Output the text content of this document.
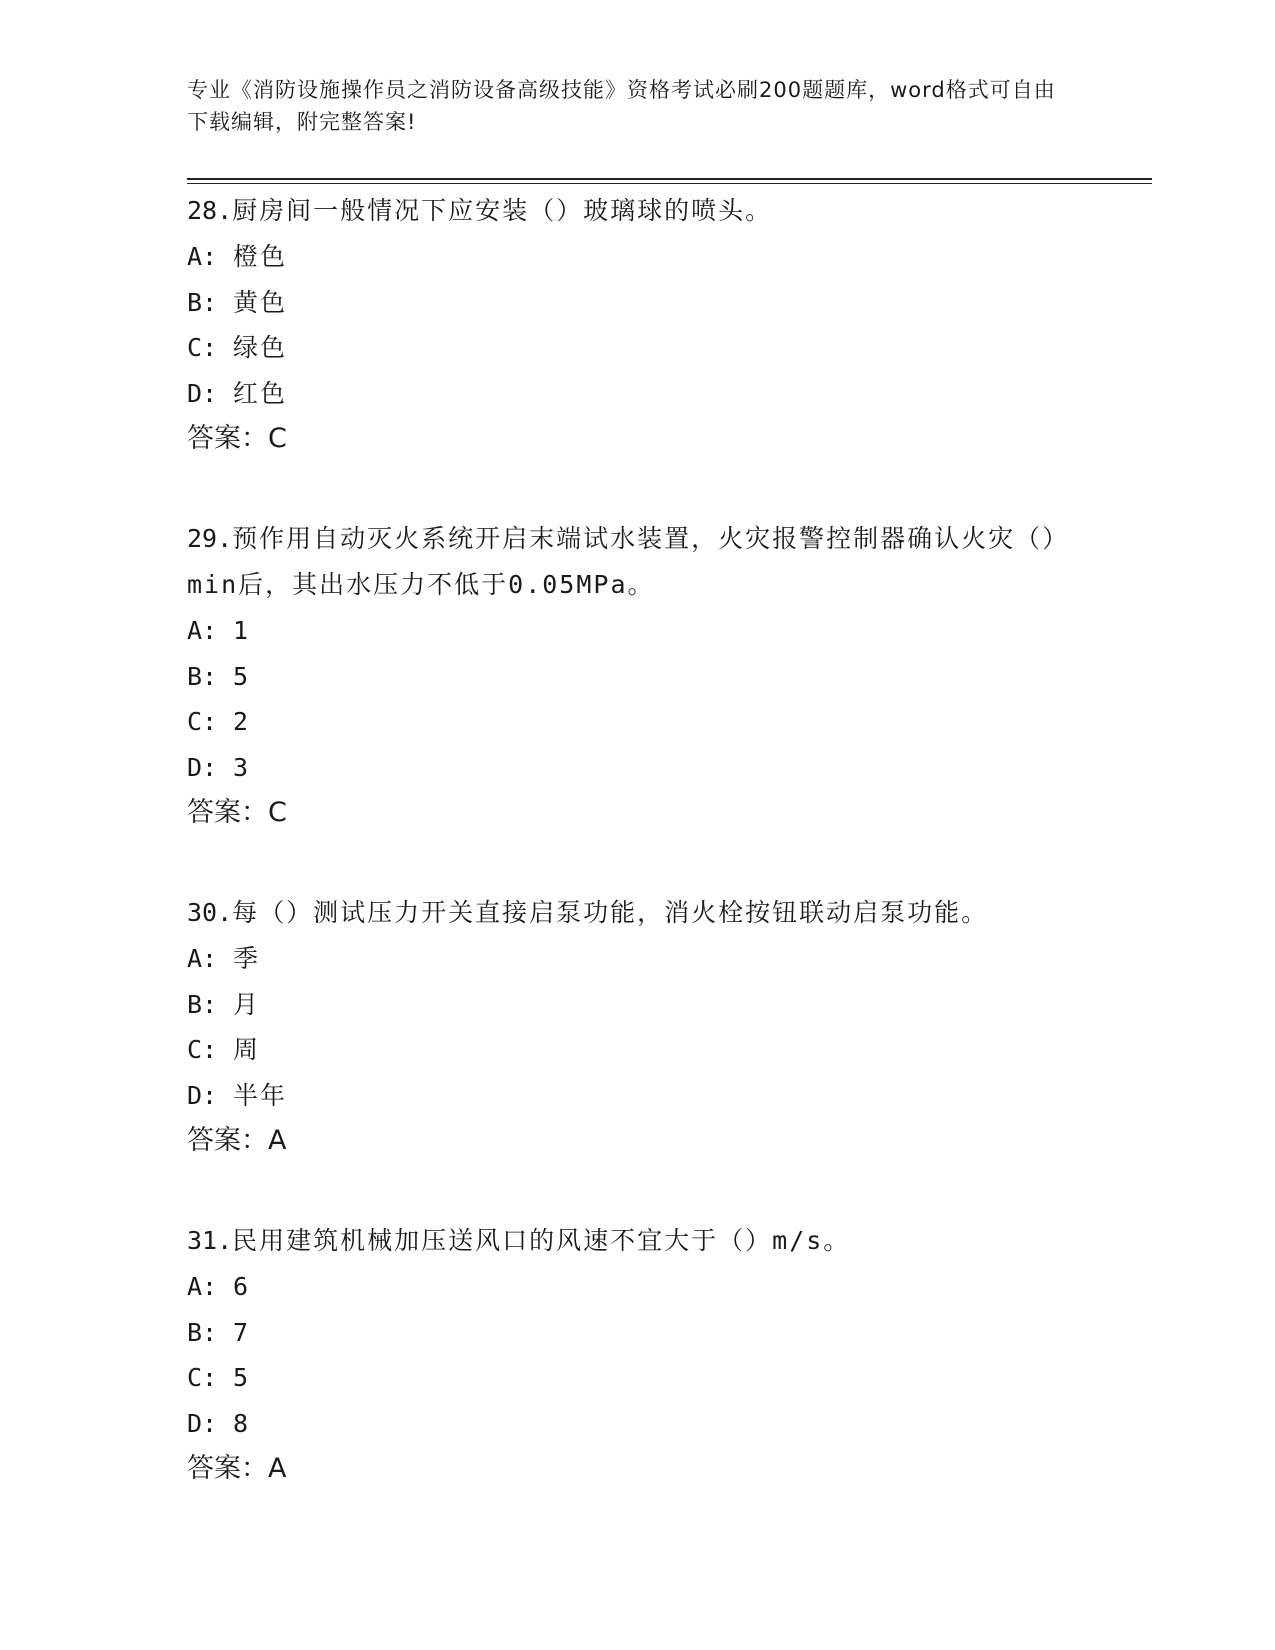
专业《消防设施操作员之消防设备高级技能》资格考试必刷200题题库，word格式可自由下载编辑，附完整答案!

28.厨房间一般情况下应安装（）玻璃球的喷头。

A: 橙色
B: 黄色
C: 绿色
D: 红色
答案：C

29.预作用自动灭火系统开启末端试水装置，火灾报警控制器确认火灾（）min后，其出水压力不低于0.05MPa。

A: 1
B: 5
C: 2
D: 3
答案：C

30.每（）测试压力开关直接启泵功能，消火栓按钮联动启泵功能。

A: 季
B: 月
C: 周
D: 半年
答案：A

31.民用建筑机械加压送风口的风速不宜大于（）m/s。

A: 6
B: 7
C: 5
D: 8
答案：A
